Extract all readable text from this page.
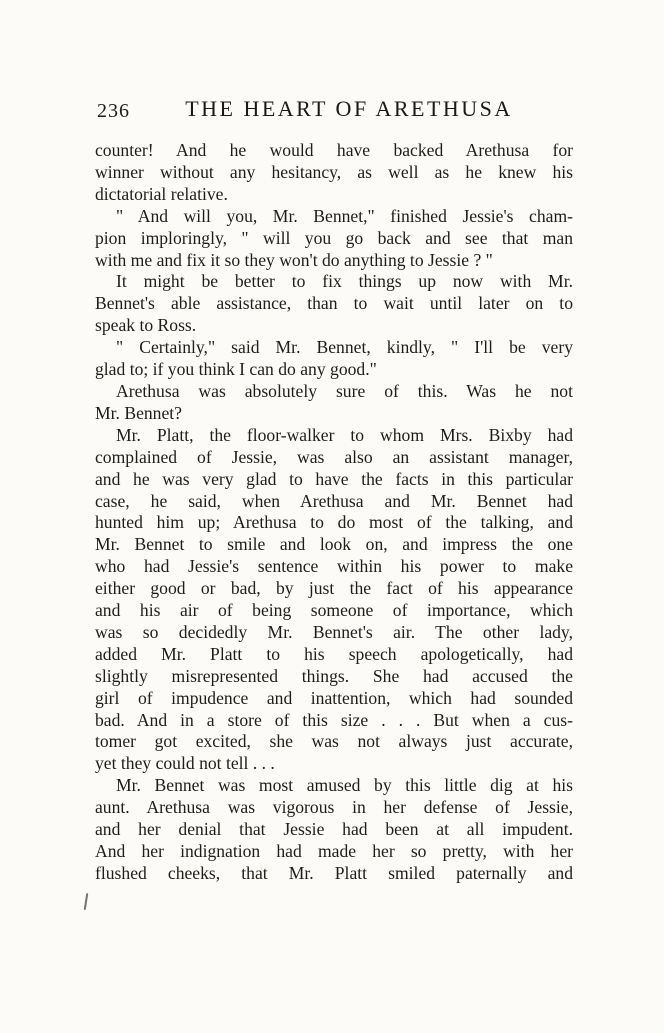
236	THE HEART OF ARETHUSA
counter! And he would have backed Arethusa for
winner without any hesitancy, as well as he knew his
dictatorial relative.
" And will you, Mr. Bennet," finished Jessie's cham-
pion imploringly, " will you go back and see that man
with me and fix it so they won't do anything to Jessie ? "
It might be better to fix things up now with Mr.
Bennet's able assistance, than to wait until later on to
speak to Ross.
" Certainly," said Mr. Bennet, kindly, " I'll be very
glad to; if you think I can do any good."
Arethusa was absolutely sure of this. Was he not
Mr. Bennet?
Mr. Platt, the floor-walker to whom Mrs. Bixby had
complained of Jessie, was also an assistant manager,
and he was very glad to have the facts in this particular
case, he said, when Arethusa and Mr. Bennet had
hunted him up; Arethusa to do most of the talking, and
Mr. Bennet to smile and look on, and impress the one
who had Jessie's sentence within his power to make
either good or bad, by just the fact of his appearance
and his air of being someone of importance, which
was so decidedly Mr. Bennet's air. The other lady,
added Mr. Platt to his speech apologetically, had
slightly misrepresented things. She had accused the
girl of impudence and inattention, which had sounded
bad. And in a store of this size . . . But when a cus-
tomer got excited, she was not always just accurate,
yet they could not tell . . .
Mr. Bennet was most amused by this little dig at his
aunt. Arethusa was vigorous in her defense of Jessie,
and her denial that Jessie had been at all impudent.
And her indignation had made her so pretty, with her
flushed cheeks, that Mr. Platt smiled paternally and
